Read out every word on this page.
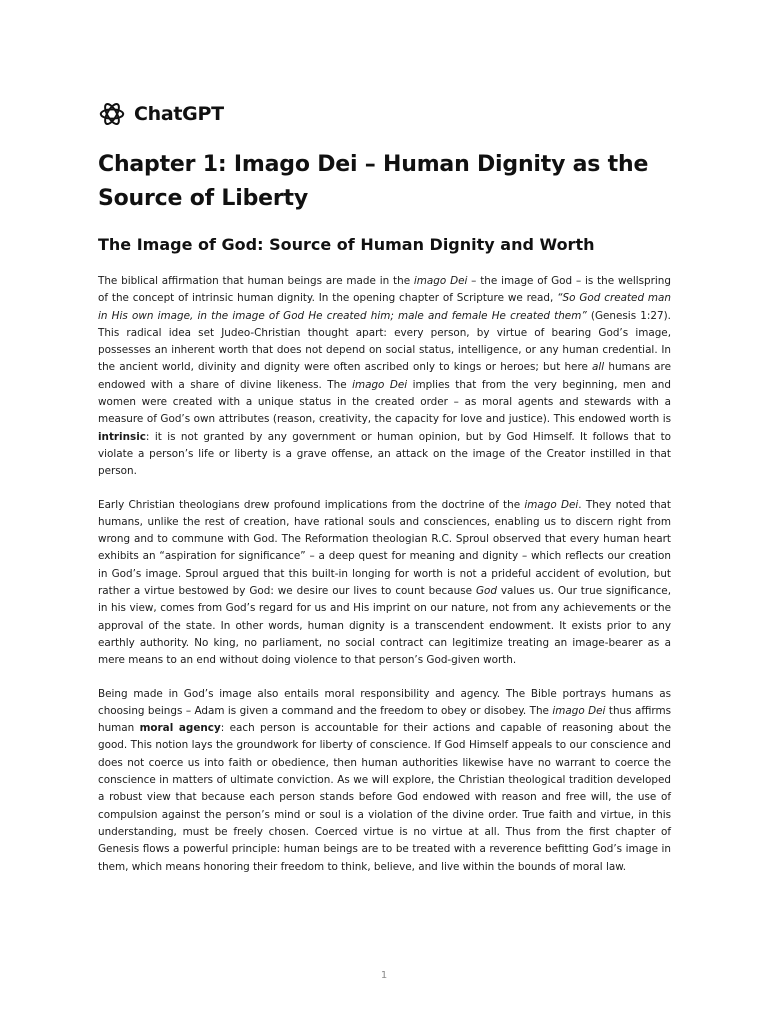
ChatGPT
Chapter 1: Imago Dei – Human Dignity as the Source of Liberty
The Image of God: Source of Human Dignity and Worth

The biblical affirmation that human beings are made in the imago Dei – the image of God – is the wellspring of the concept of intrinsic human dignity. In the opening chapter of Scripture we read, “So God created man in His own image, in the image of God He created him; male and female He created them” (Genesis 1:27). This radical idea set Judeo-Christian thought apart: every person, by virtue of bearing God’s image, possesses an inherent worth that does not depend on social status, intelligence, or any human credential. In the ancient world, divinity and dignity were often ascribed only to kings or heroes; but here all humans are endowed with a share of divine likeness. The imago Dei implies that from the very beginning, men and women were created with a unique status in the created order – as moral agents and stewards with a measure of God’s own attributes (reason, creativity, the capacity for love and justice). This endowed worth is intrinsic: it is not granted by any government or human opinion, but by God Himself. It follows that to violate a person’s life or liberty is a grave offense, an attack on the image of the Creator instilled in that person.

Early Christian theologians drew profound implications from the doctrine of the imago Dei. They noted that humans, unlike the rest of creation, have rational souls and consciences, enabling us to discern right from wrong and to commune with God. The Reformation theologian R.C. Sproul observed that every human heart exhibits an “aspiration for significance” – a deep quest for meaning and dignity – which reflects our creation in God’s image. Sproul argued that this built-in longing for worth is not a prideful accident of evolution, but rather a virtue bestowed by God: we desire our lives to count because God values us. Our true significance, in his view, comes from God’s regard for us and His imprint on our nature, not from any achievements or the approval of the state. In other words, human dignity is a transcendent endowment. It exists prior to any earthly authority. No king, no parliament, no social contract can legitimize treating an image-bearer as a mere means to an end without doing violence to that person’s God-given worth.

Being made in God’s image also entails moral responsibility and agency. The Bible portrays humans as choosing beings – Adam is given a command and the freedom to obey or disobey. The imago Dei thus affirms human moral agency: each person is accountable for their actions and capable of reasoning about the good. This notion lays the groundwork for liberty of conscience. If God Himself appeals to our conscience and does not coerce us into faith or obedience, then human authorities likewise have no warrant to coerce the conscience in matters of ultimate conviction. As we will explore, the Christian theological tradition developed a robust view that because each person stands before God endowed with reason and free will, the use of compulsion against the person’s mind or soul is a violation of the divine order. True faith and virtue, in this understanding, must be freely chosen. Coerced virtue is no virtue at all. Thus from the first chapter of Genesis flows a powerful principle: human beings are to be treated with a reverence befitting God’s image in them, which means honoring their freedom to think, believe, and live within the bounds of moral law.

1
